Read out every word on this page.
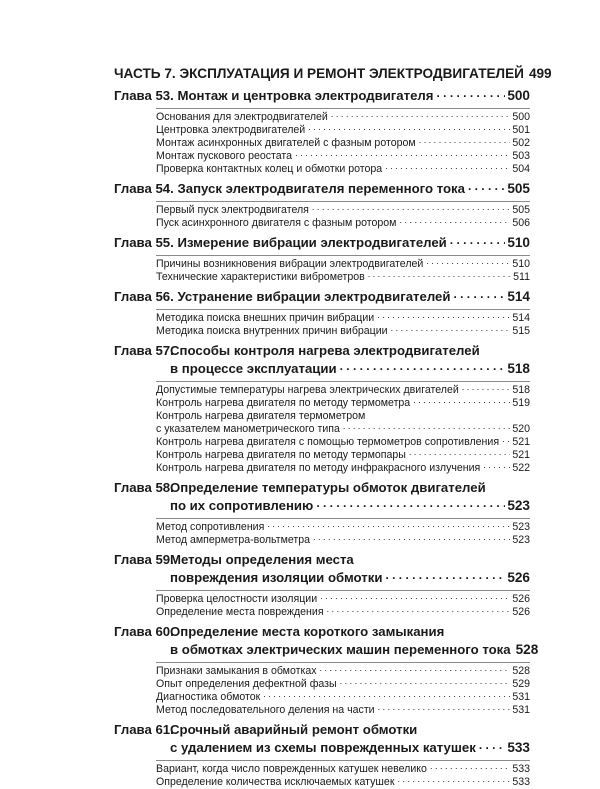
ЧАСТЬ 7. ЭКСПЛУАТАЦИЯ И РЕМОНТ ЭЛЕКТРОДВИГАТЕЛЕЙ 499
Глава 53. Монтаж и центровка электродвигателя . . .	500
Основания для электродвигателей . . .	500
Центровка электродвигателей . . .	501
Монтаж асинхронных двигателей с фазным ротором . . .	502
Монтаж пускового реостата . . .	503
Проверка контактных колец и обмотки ротора . . .	504
Глава 54. Запуск электродвигателя переменного тока . . .	505
Первый пуск электродвигателя . . .	505
Пуск асинхронного двигателя с фазным ротором . . .	506
Глава 55. Измерение вибрации электродвигателей . . .	510
Причины возникновения вибрации электродвигателей . . .	510
Технические характеристики виброметров . . .	511
Глава 56. Устранение вибрации электродвигателей . . .	514
Методика поиска внешних причин вибрации . . .	514
Методика поиска внутренних причин вибрации . . .	515
Глава 57.
Способы контроля нагрева электродвигателей
в процессе эксплуатации . . .	518
Допустимые температуры нагрева электрических двигателей . . .	518
Контроль нагрева двигателя по методу термометра . . .	519
Контроль нагрева двигателя термометром
с указателем манометрического типа . . .	520
Контроль нагрева двигателя с помощью термометров сопротивления . . . 521
Контроль нагрева двигателя по методу термопары . . .	521
Контроль нагрева двигателя по методу инфракрасного излучения . . .	522
Глава 58.
Определение температуры обмоток двигателей
по их сопротивлению . . .	523
Метод сопротивления . . .	523
Метод амперметра-вольтметра . . .	523
Глава 59.
Методы определения места
повреждения изоляции обмотки . . .	526
Проверка целостности изоляции . . .	526
Определение места повреждения . . .	526
Глава 60.
Определение места короткого замыкания
в обмотках электрических машин переменного тока 528
Признаки замыкания в обмотках . . .	528
Опыт определения дефектной фазы . . .	529
Диагностика обмоток . . .	531
Метод последовательного деления на части . . .	531
Глава 61.
Срочный аварийный ремонт обмотки
с удалением из схемы поврежденных катушек . . . 533
Вариант, когда число поврежденных катушек невелико . . .	533
Определение количества исключаемых катушек . . .	533
